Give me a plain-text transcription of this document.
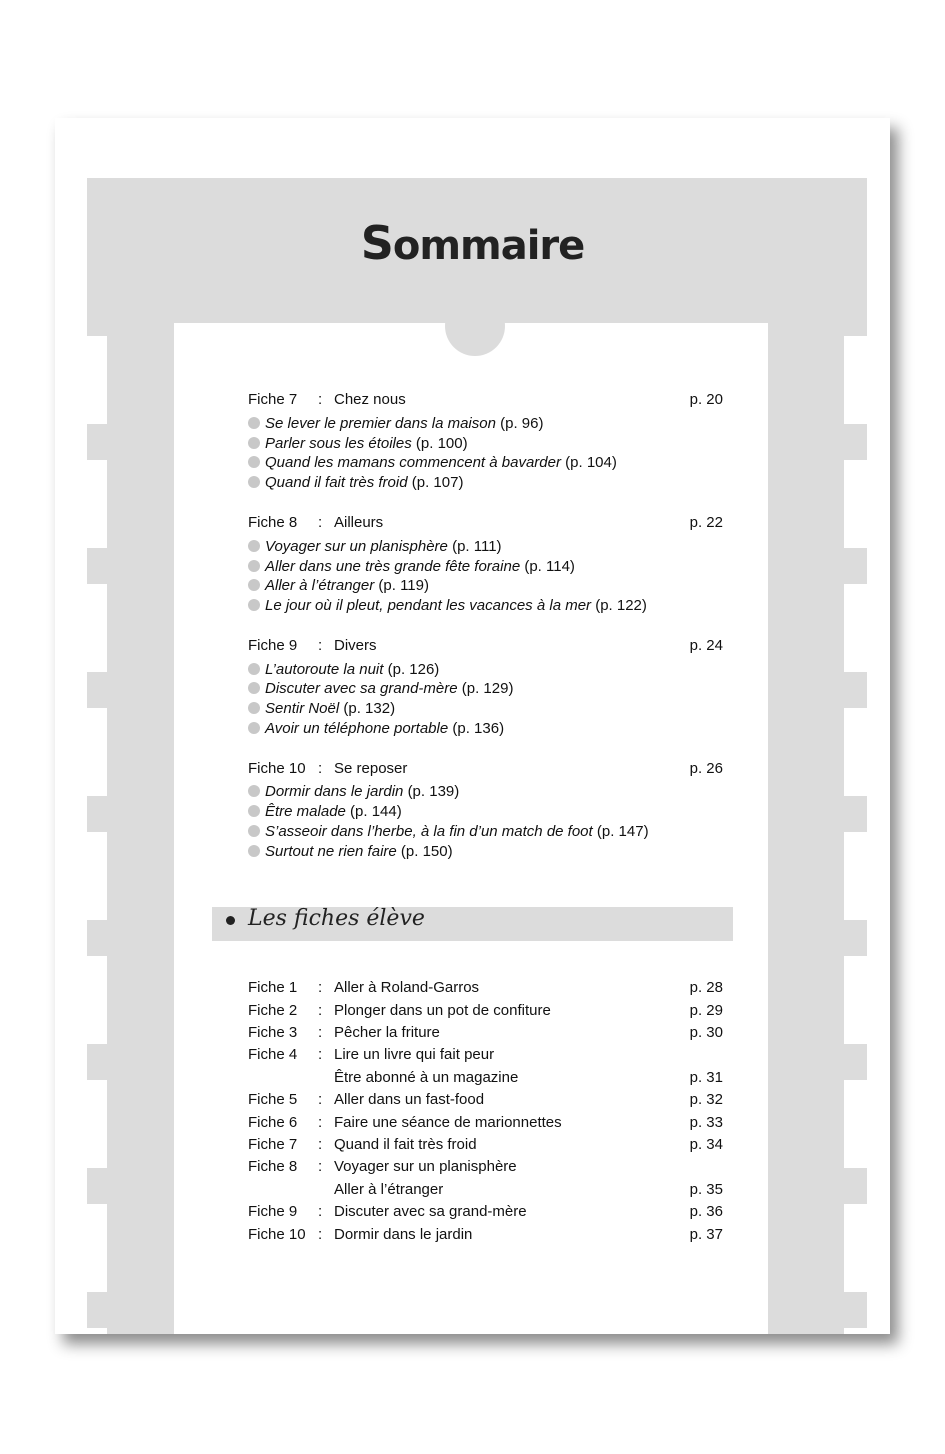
Sommaire
Fiche 7 : Chez nous	p. 20
Se lever le premier dans la maison (p. 96)
Parler sous les étoiles (p. 100)
Quand les mamans commencent à bavarder (p. 104)
Quand il fait très froid (p. 107)
Fiche 8 : Ailleurs	p. 22
Voyager sur un planisphère (p. 111)
Aller dans une très grande fête foraine (p. 114)
Aller à l’étranger (p. 119)
Le jour où il pleut, pendant les vacances à la mer (p. 122)
Fiche 9 : Divers	p. 24
L’autoroute la nuit (p. 126)
Discuter avec sa grand-mère (p. 129)
Sentir Noël (p. 132)
Avoir un téléphone portable (p. 136)
Fiche 10 : Se reposer	p. 26
Dormir dans le jardin (p. 139)
Être malade (p. 144)
S’asseoir dans l’herbe, à la fin d’un match de foot (p. 147)
Surtout ne rien faire (p. 150)
Les fiches élève
Fiche 1 : Aller à Roland-Garros	p. 28
Fiche 2 : Plonger dans un pot de confiture	p. 29
Fiche 3 : Pêcher la friture	p. 30
Fiche 4 : Lire un livre qui fait peur
Être abonné à un magazine	p. 31
Fiche 5 : Aller dans un fast-food	p. 32
Fiche 6 : Faire une séance de marionnettes	p. 33
Fiche 7 : Quand il fait très froid	p. 34
Fiche 8 : Voyager sur un planisphère
Aller à l’étranger	p. 35
Fiche 9 : Discuter avec sa grand-mère	p. 36
Fiche 10 : Dormir dans le jardin	p. 37
